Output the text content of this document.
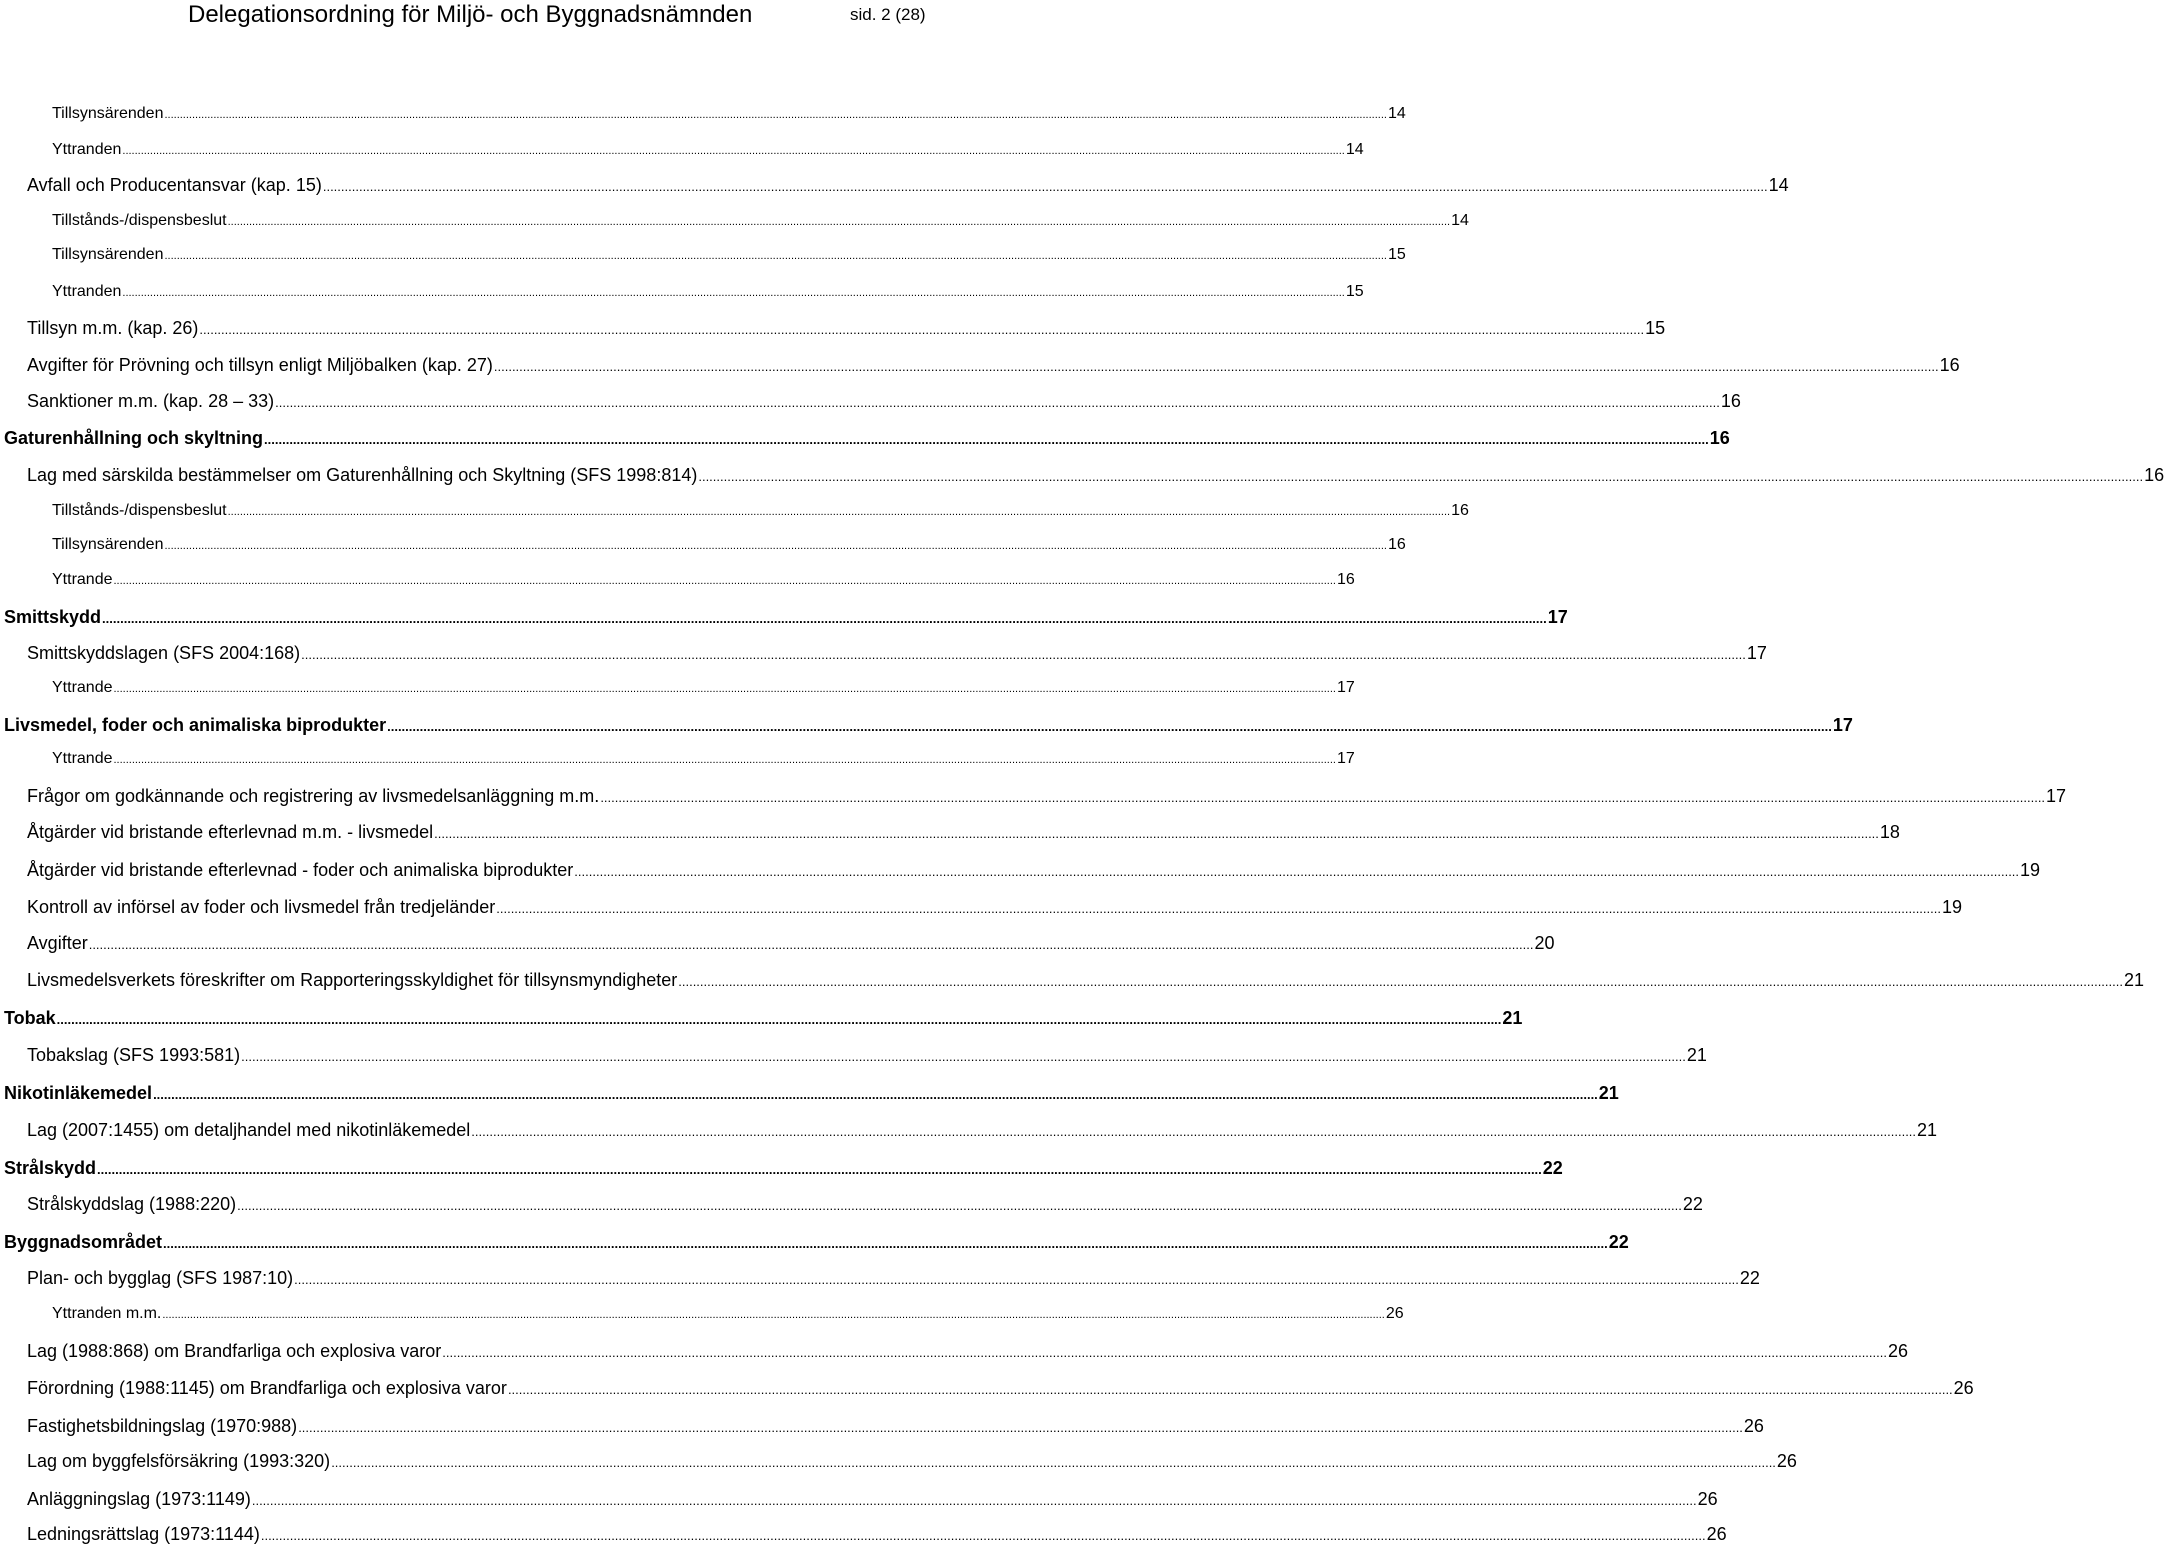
Delegationsordning för Miljö- och Byggnadsnämnden	sid. 2 (28)
Tillsynsärenden ................................................................................................................................................................................................................................................................................................................................................................................................................ 14
Yttranden ................................................................................................................................................................................................................................................................................................................................................................................................................ 14
Avfall och Producentansvar (kap. 15) ................................................................................................................................................................................................................................................................................................................................................................................................................ 14
Tillstånds-/dispensbeslut ................................................................................................................................................................................................................................................................................................................................................................................................................ 14
Tillsynsärenden ................................................................................................................................................................................................................................................................................................................................................................................................................ 15
Yttranden ................................................................................................................................................................................................................................................................................................................................................................................................................ 15
Tillsyn m.m. (kap. 26) ................................................................................................................................................................................................................................................................................................................................................................................................................ 15
Avgifter för Prövning och tillsyn enligt Miljöbalken (kap. 27) ................................................................................................................................................................................................................................................................................................................................................................................................................ 16
Sanktioner m.m. (kap. 28 – 33) ................................................................................................................................................................................................................................................................................................................................................................................................................ 16
Gaturenhållning och skyltning ................................................................................................................................................................................................................................................................................................................................................................................................................ 16
Lag med särskilda bestämmelser om Gaturenhållning och Skyltning (SFS 1998:814) ................................................................................................................................................................................................................................................................................................................................................................................................................ 16
Tillstånds-/dispensbeslut ................................................................................................................................................................................................................................................................................................................................................................................................................ 16
Tillsynsärenden ................................................................................................................................................................................................................................................................................................................................................................................................................ 16
Yttrande ................................................................................................................................................................................................................................................................................................................................................................................................................ 16
Smittskydd ................................................................................................................................................................................................................................................................................................................................................................................................................ 17
Smittskyddslagen (SFS 2004:168) ................................................................................................................................................................................................................................................................................................................................................................................................................ 17
Yttrande ................................................................................................................................................................................................................................................................................................................................................................................................................ 17
Livsmedel, foder och animaliska biprodukter ................................................................................................................................................................................................................................................................................................................................................................................................................ 17
Yttrande ................................................................................................................................................................................................................................................................................................................................................................................................................ 17
Frågor om godkännande och registrering av livsmedelsanläggning m.m. ................................................................................................................................................................................................................................................................................................................................................................................................................ 17
Åtgärder vid bristande efterlevnad m.m. - livsmedel ................................................................................................................................................................................................................................................................................................................................................................................................................ 18
Åtgärder vid bristande efterlevnad - foder och animaliska biprodukter ................................................................................................................................................................................................................................................................................................................................................................................................................ 19
Kontroll av införsel av foder och livsmedel från tredjeländer ................................................................................................................................................................................................................................................................................................................................................................................................................ 19
Avgifter ................................................................................................................................................................................................................................................................................................................................................................................................................ 20
Livsmedelsverkets föreskrifter om Rapporteringsskyldighet för tillsynsmyndigheter ................................................................................................................................................................................................................................................................................................................................................................................................................ 21
Tobak ................................................................................................................................................................................................................................................................................................................................................................................................................ 21
Tobakslag (SFS 1993:581) ................................................................................................................................................................................................................................................................................................................................................................................................................ 21
Nikotinläkemedel ................................................................................................................................................................................................................................................................................................................................................................................................................ 21
Lag (2007:1455) om detaljhandel med nikotinläkemedel ................................................................................................................................................................................................................................................................................................................................................................................................................ 21
Strålskydd ................................................................................................................................................................................................................................................................................................................................................................................................................ 22
Strålskyddslag (1988:220) ................................................................................................................................................................................................................................................................................................................................................................................................................ 22
Byggnadsområdet ................................................................................................................................................................................................................................................................................................................................................................................................................ 22
Plan- och bygglag (SFS 1987:10) ................................................................................................................................................................................................................................................................................................................................................................................................................ 22
Yttranden m.m. ................................................................................................................................................................................................................................................................................................................................................................................................................ 26
Lag (1988:868) om Brandfarliga och explosiva varor ................................................................................................................................................................................................................................................................................................................................................................................................................ 26
Förordning (1988:1145) om Brandfarliga och explosiva varor ................................................................................................................................................................................................................................................................................................................................................................................................................ 26
Fastighetsbildningslag (1970:988) ................................................................................................................................................................................................................................................................................................................................................................................................................ 26
Lag om byggfelsförsäkring (1993:320) ................................................................................................................................................................................................................................................................................................................................................................................................................ 26
Anläggningslag (1973:1149) ................................................................................................................................................................................................................................................................................................................................................................................................................ 26
Ledningsrättslag (1973:1144) ................................................................................................................................................................................................................................................................................................................................................................................................................ 26
